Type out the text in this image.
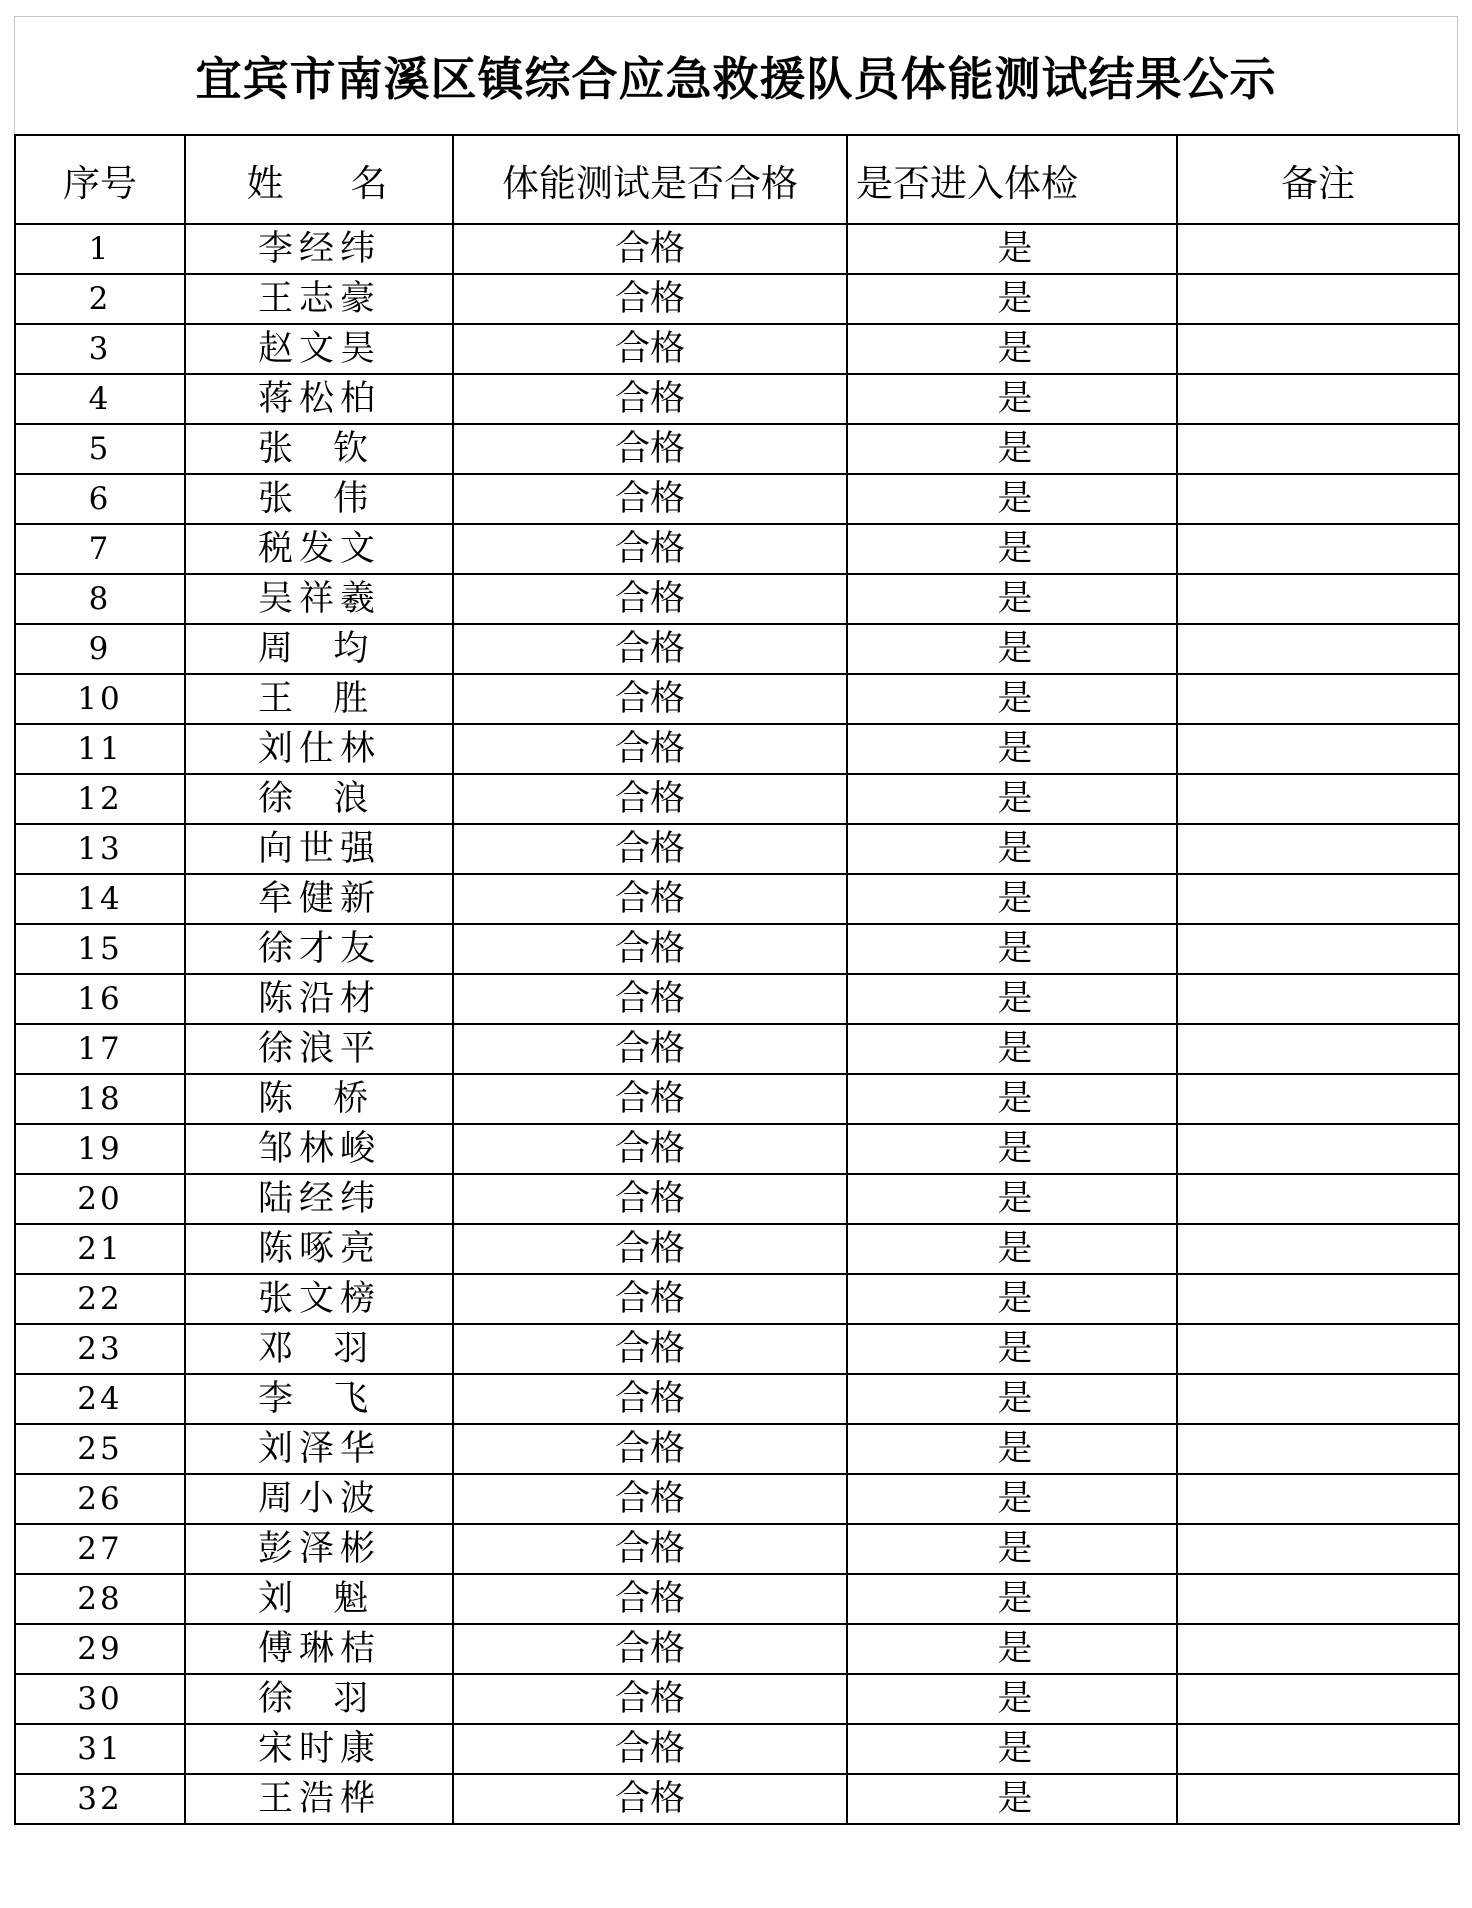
宜宾市南溪区镇综合应急救援队员体能测试结果公示
序号	姓    名	体能测试是否合格	是否进入体检	备注
1	李经纬	合格	是	
2	王志豪	合格	是	
3	赵文昊	合格	是	
4	蒋松柏	合格	是	
5	张  钦	合格	是	
6	张  伟	合格	是	
7	税发文	合格	是	
8	吴祥羲	合格	是	
9	周  均	合格	是	
10	王  胜	合格	是	
11	刘仕林	合格	是	
12	徐  浪	合格	是	
13	向世强	合格	是	
14	牟健新	合格	是	
15	徐才友	合格	是	
16	陈沿材	合格	是	
17	徐浪平	合格	是	
18	陈  桥	合格	是	
19	邹林峻	合格	是	
20	陆经纬	合格	是	
21	陈啄亮	合格	是	
22	张文榜	合格	是	
23	邓  羽	合格	是	
24	李  飞	合格	是	
25	刘泽华	合格	是	
26	周小波	合格	是	
27	彭泽彬	合格	是	
28	刘  魁	合格	是	
29	傅琳桔	合格	是	
30	徐  羽	合格	是	
31	宋时康	合格	是	
32	王浩桦	合格	是	
